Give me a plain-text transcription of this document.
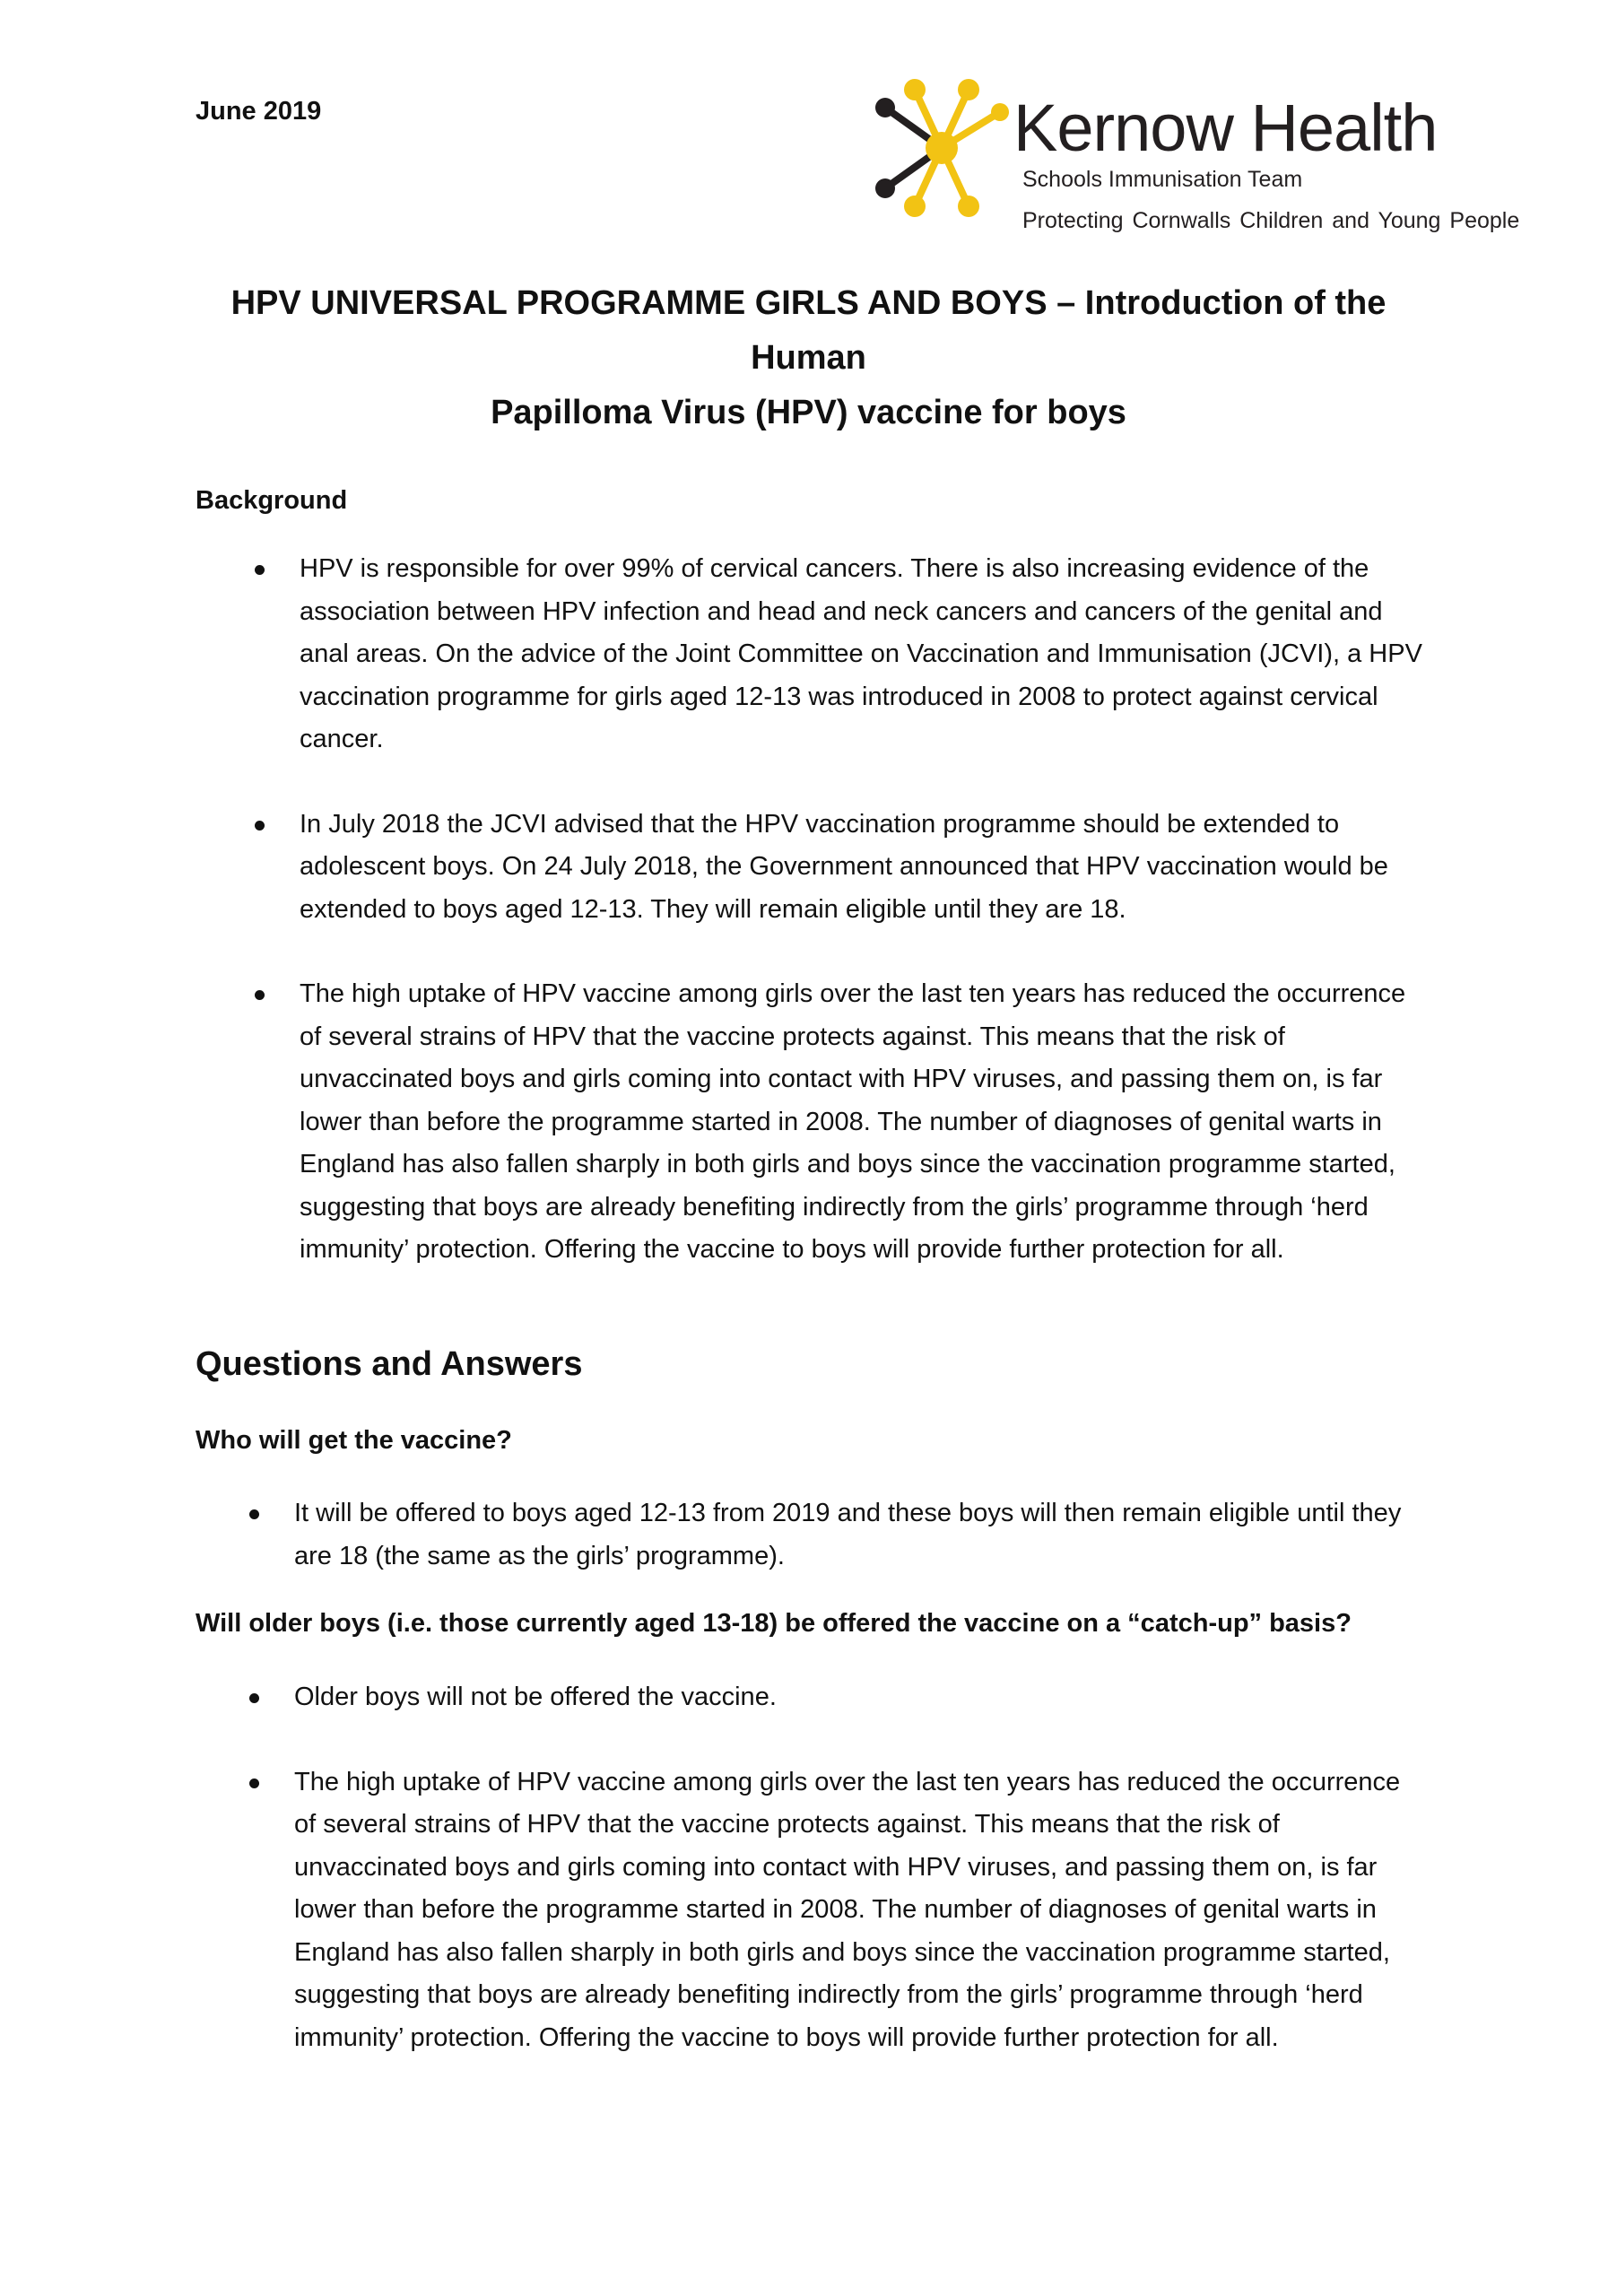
June 2019	Kernow Health
Schools Immunisation Team
Protecting Cornwalls Children and Young People
HPV UNIVERSAL PROGRAMME GIRLS AND BOYS – Introduction of the Human
Papilloma Virus (HPV) vaccine for boys
Background
HPV is responsible for over 99% of cervical cancers. There is also increasing evidence of the association between HPV infection and head and neck cancers and cancers of the genital and anal areas. On the advice of the Joint Committee on Vaccination and Immunisation (JCVI), a HPV vaccination programme for girls aged 12-13 was introduced in 2008 to protect against cervical cancer.
In July 2018 the JCVI advised that the HPV vaccination programme should be extended to adolescent boys. On 24 July 2018, the Government announced that HPV vaccination would be extended to boys aged 12-13. They will remain eligible until they are 18.
The high uptake of HPV vaccine among girls over the last ten years has reduced the occurrence of several strains of HPV that the vaccine protects against. This means that the risk of unvaccinated boys and girls coming into contact with HPV viruses, and passing them on, is far lower than before the programme started in 2008. The number of diagnoses of genital warts in England has also fallen sharply in both girls and boys since the vaccination programme started, suggesting that boys are already benefiting indirectly from the girls’ programme through ‘herd immunity’ protection. Offering the vaccine to boys will provide further protection for all.
Questions and Answers
Who will get the vaccine?
It will be offered to boys aged 12-13 from 2019 and these boys will then remain eligible until they are 18 (the same as the girls’ programme).
Will older boys (i.e. those currently aged 13-18) be offered the vaccine on a “catch-up” basis?
Older boys will not be offered the vaccine.
The high uptake of HPV vaccine among girls over the last ten years has reduced the occurrence of several strains of HPV that the vaccine protects against. This means that the risk of unvaccinated boys and girls coming into contact with HPV viruses, and passing them on, is far lower than before the programme started in 2008. The number of diagnoses of genital warts in England has also fallen sharply in both girls and boys since the vaccination programme started, suggesting that boys are already benefiting indirectly from the girls’ programme through ‘herd immunity’ protection. Offering the vaccine to boys will provide further protection for all.
